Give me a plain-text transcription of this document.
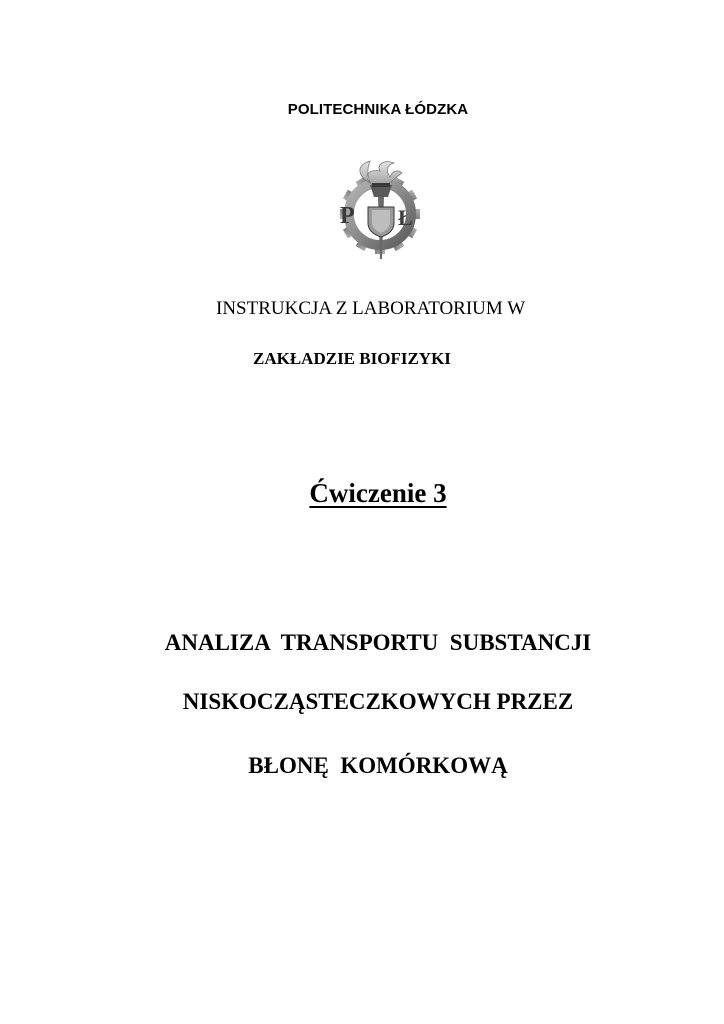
POLITECHNIKA ŁÓDZKA
P Ł
INSTRUKCJA Z LABORATORIUM W
ZAKŁADZIE BIOFIZYKI
Ćwiczenie 3
ANALIZA  TRANSPORTU  SUBSTANCJI
NISKOCZĄSTECZKOWYCH PRZEZ
BŁONĘ  KOMÓRKOWĄ
